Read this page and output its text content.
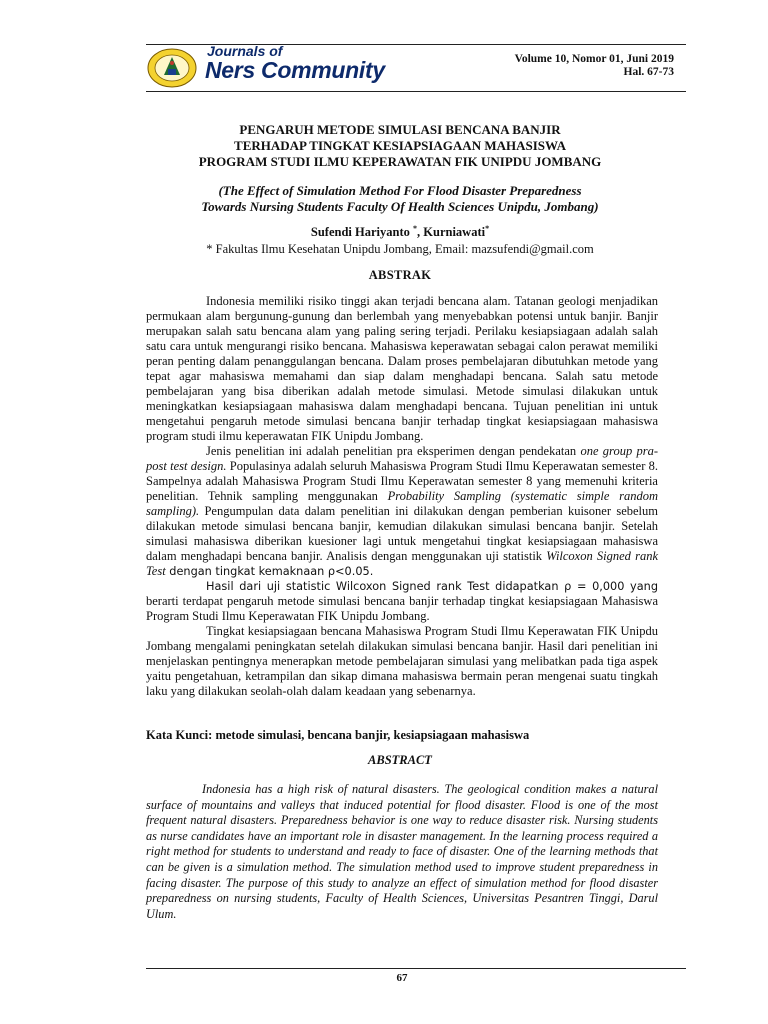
Journals of
Ners Community	Volume 10, Nomor 01, Juni 2019
Hal. 67-73
PENGARUH METODE SIMULASI BENCANA BANJIR
TERHADAP TINGKAT KESIAPSIAGAAN MAHASISWA
PROGRAM STUDI ILMU KEPERAWATAN FIK UNIPDU JOMBANG
(The Effect of Simulation Method For Flood Disaster Preparedness
Towards Nursing Students Faculty Of Health Sciences Unipdu, Jombang)
Sufendi Hariyanto *, Kurniawati*
* Fakultas Ilmu Kesehatan Unipdu Jombang, Email: mazsufendi@gmail.com
ABSTRAK

Indonesia memiliki risiko tinggi akan terjadi bencana alam. Tatanan geologi menjadikan permukaan alam bergunung-gunung dan berlembah yang menyebabkan potensi untuk banjir. Banjir merupakan salah satu bencana alam yang paling sering terjadi. Perilaku kesiapsiagaan adalah salah satu cara untuk mengurangi risiko bencana. Mahasiswa keperawatan sebagai calon perawat memiliki peran penting dalam penanggulangan bencana. Dalam proses pembelajaran dibutuhkan metode yang tepat agar mahasiswa memahami dan siap dalam menghadapi bencana. Salah satu metode pembelajaran yang bisa diberikan adalah metode simulasi. Metode simulasi dilakukan untuk meningkatkan kesiapsiagaan mahasiswa dalam menghadapi bencana. Tujuan penelitian ini untuk mengetahui pengaruh metode simulasi bencana banjir terhadap tingkat kesiapsiagaan mahasiswa program studi ilmu keperawatan FIK Unipdu Jombang.

Jenis penelitian ini adalah penelitian pra eksperimen dengan pendekatan one group pra-post test design. Populasinya adalah seluruh Mahasiswa Program Studi Ilmu Keperawatan semester 8. Sampelnya adalah Mahasiswa Program Studi Ilmu Keperawatan semester 8 yang memenuhi kriteria penelitian. Tehnik sampling menggunakan Probability Sampling (systematic simple random sampling). Pengumpulan data dalam penelitian ini dilakukan dengan pemberian kuisoner sebelum dilakukan metode simulasi bencana banjir, kemudian dilakukan simulasi bencana banjir. Setelah simulasi mahasiswa diberikan kuesioner lagi untuk mengetahui tingkat kesiapsiagaan mahasiswa dalam menghadapi bencana banjir. Analisis dengan menggunakan uji statistik Wilcoxon Signed rank Test dengan tingkat kemaknaan ρ<0.05.

Hasil dari uji statistic Wilcoxon Signed rank Test didapatkan ρ = 0,000 yang berarti terdapat pengaruh metode simulasi bencana banjir terhadap tingkat kesiapsiagaan Mahasiswa Program Studi Ilmu Keperawatan FIK Unipdu Jombang.

Tingkat kesiapsiagaan bencana Mahasiswa Program Studi Ilmu Keperawatan FIK Unipdu Jombang mengalami peningkatan setelah dilakukan simulasi bencana banjir. Hasil dari penelitian ini menjelaskan pentingnya menerapkan metode pembelajaran simulasi yang melibatkan pada tiga aspek yaitu pengetahuan, ketrampilan dan sikap dimana mahasiswa bermain peran mengenai suatu tingkah laku yang dilakukan seolah-olah dalam keadaan yang sebenarnya.

Kata Kunci: metode simulasi, bencana banjir, kesiapsiagaan mahasiswa
ABSTRACT

Indonesia has a high risk of natural disasters. The geological condition makes a natural surface of mountains and valleys that induced potential for flood disaster. Flood is one of the most frequent natural disasters. Preparedness behavior is one way to reduce disaster risk. Nursing students as nurse candidates have an important role in disaster management. In the learning process required a right method for students to understand and ready to face of disaster. One of the learning methods that can be given is a simulation method. The simulation method used to improve student preparedness in facing disaster. The purpose of this study to analyze an effect of simulation method for flood disaster preparedness on nursing students, Faculty of Health Sciences, Universitas Pesantren Tinggi, Darul Ulum.

67
